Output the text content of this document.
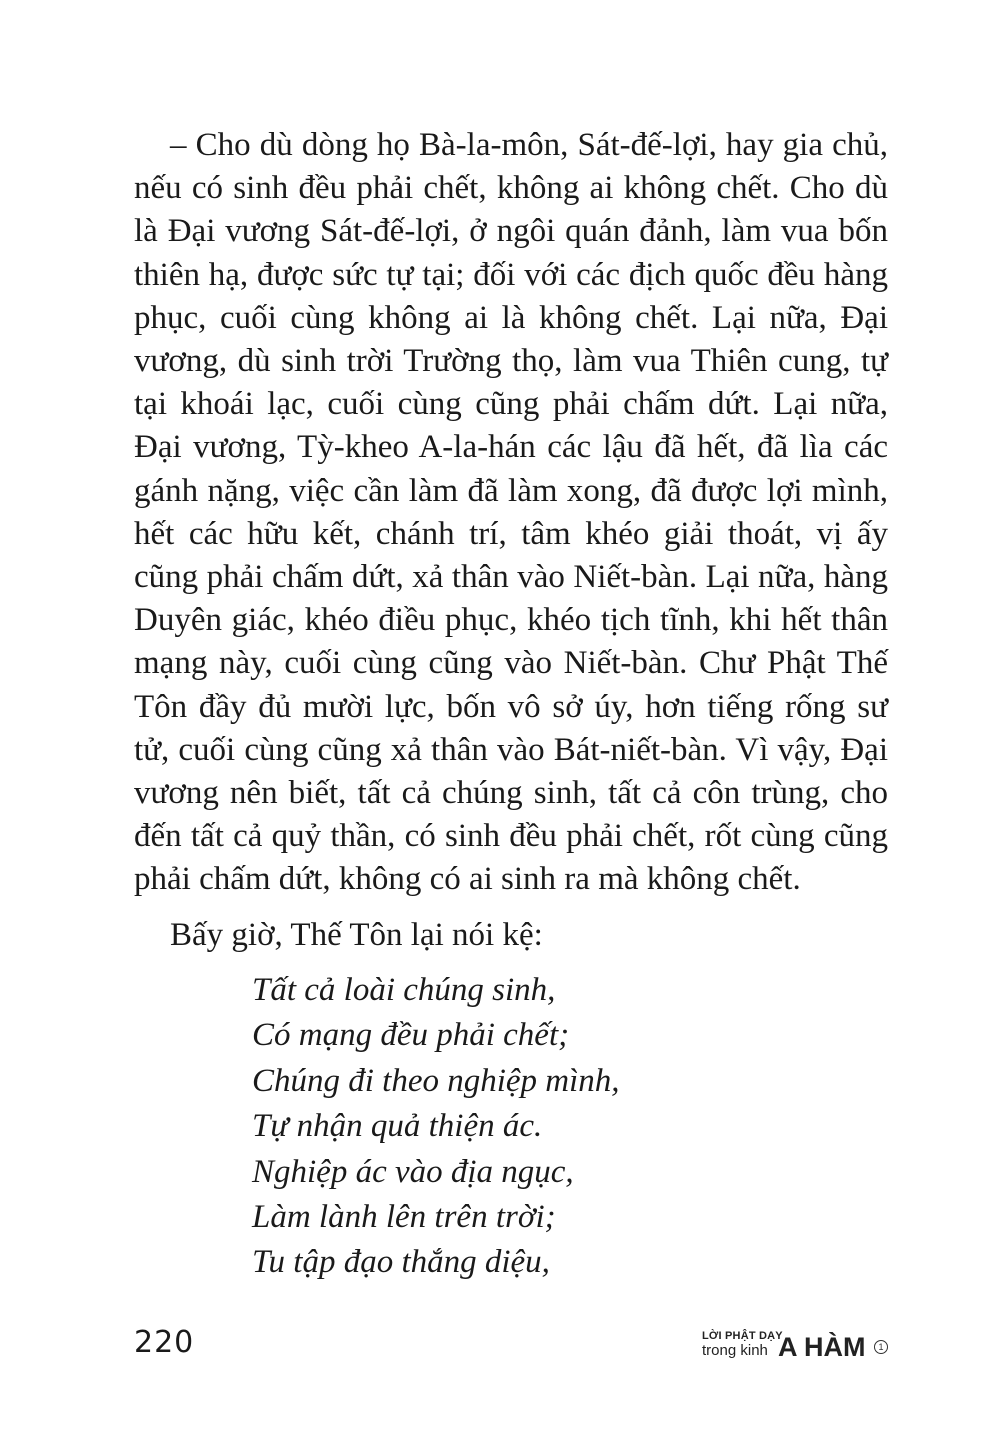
– Cho dù dòng họ Bà-la-môn, Sát-đế-lợi, hay gia chủ, nếu có sinh đều phải chết, không ai không chết. Cho dù là Đại vương Sát-đế-lợi, ở ngôi quán đảnh, làm vua bốn thiên hạ, được sức tự tại; đối với các địch quốc đều hàng phục, cuối cùng không ai là không chết. Lại nữa, Đại vương, dù sinh trời Trường thọ, làm vua Thiên cung, tự tại khoái lạc, cuối cùng cũng phải chấm dứt. Lại nữa, Đại vương, Tỳ-kheo A-la-hán các lậu đã hết, đã lìa các gánh nặng, việc cần làm đã làm xong, đã được lợi mình, hết các hữu kết, chánh trí, tâm khéo giải thoát, vị ấy cũng phải chấm dứt, xả thân vào Niết-bàn. Lại nữa, hàng Duyên giác, khéo điều phục, khéo tịch tĩnh, khi hết thân mạng này, cuối cùng cũng vào Niết-bàn. Chư Phật Thế Tôn đầy đủ mười lực, bốn vô sở úy, hơn tiếng rống sư tử, cuối cùng cũng xả thân vào Bát-niết-bàn. Vì vậy, Đại vương nên biết, tất cả chúng sinh, tất cả côn trùng, cho đến tất cả quỷ thần, có sinh đều phải chết, rốt cùng cũng phải chấm dứt, không có ai sinh ra mà không chết.

Bấy giờ, Thế Tôn lại nói kệ:

Tất cả loài chúng sinh,
Có mạng đều phải chết;
Chúng đi theo nghiệp mình,
Tự nhận quả thiện ác.
Nghiệp ác vào địa ngục,
Làm lành lên trên trời;
Tu tập đạo thắng diệu,
220	LỜI PHẬT DẠY
trong kinh A HÀM	1
